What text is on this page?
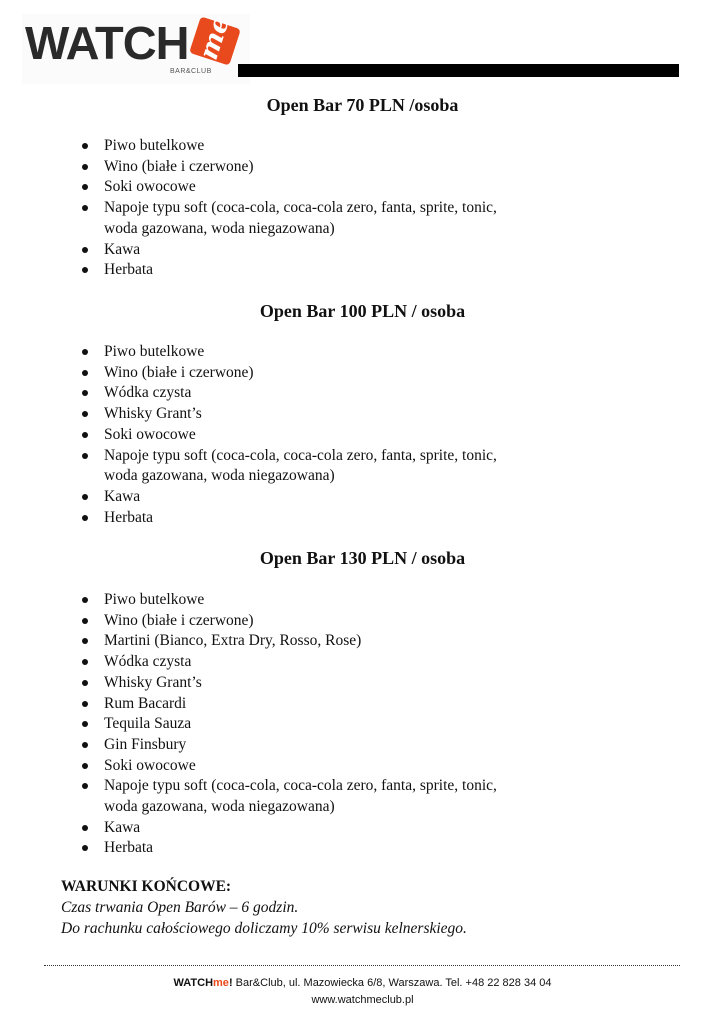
WATCH me
BAR&CLUB
Open Bar 70 PLN /osoba
Piwo butelkowe
Wino (białe i czerwone)
Soki owocowe
Napoje typu soft (coca-cola, coca-cola zero, fanta, sprite, tonic,
woda gazowana, woda niegazowana)
Kawa
Herbata
Open Bar 100 PLN / osoba
Piwo butelkowe
Wino (białe i czerwone)
Wódka czysta
Whisky Grant’s
Soki owocowe
Napoje typu soft (coca-cola, coca-cola zero, fanta, sprite, tonic,
woda gazowana, woda niegazowana)
Kawa
Herbata
Open Bar 130 PLN / osoba
Piwo butelkowe
Wino (białe i czerwone)
Martini (Bianco, Extra Dry, Rosso, Rose)
Wódka czysta
Whisky Grant’s
Rum Bacardi
Tequila Sauza
Gin Finsbury
Soki owocowe
Napoje typu soft (coca-cola, coca-cola zero, fanta, sprite, tonic,
woda gazowana, woda niegazowana)
Kawa
Herbata
WARUNKI KOŃCOWE:
Czas trwania Open Barów – 6 godzin.
Do rachunku całościowego doliczamy 10% serwisu kelnerskiego.
WATCHme! Bar&Club, ul. Mazowiecka 6/8, Warszawa. Tel. +48 22 828 34 04
www.watchmeclub.pl
